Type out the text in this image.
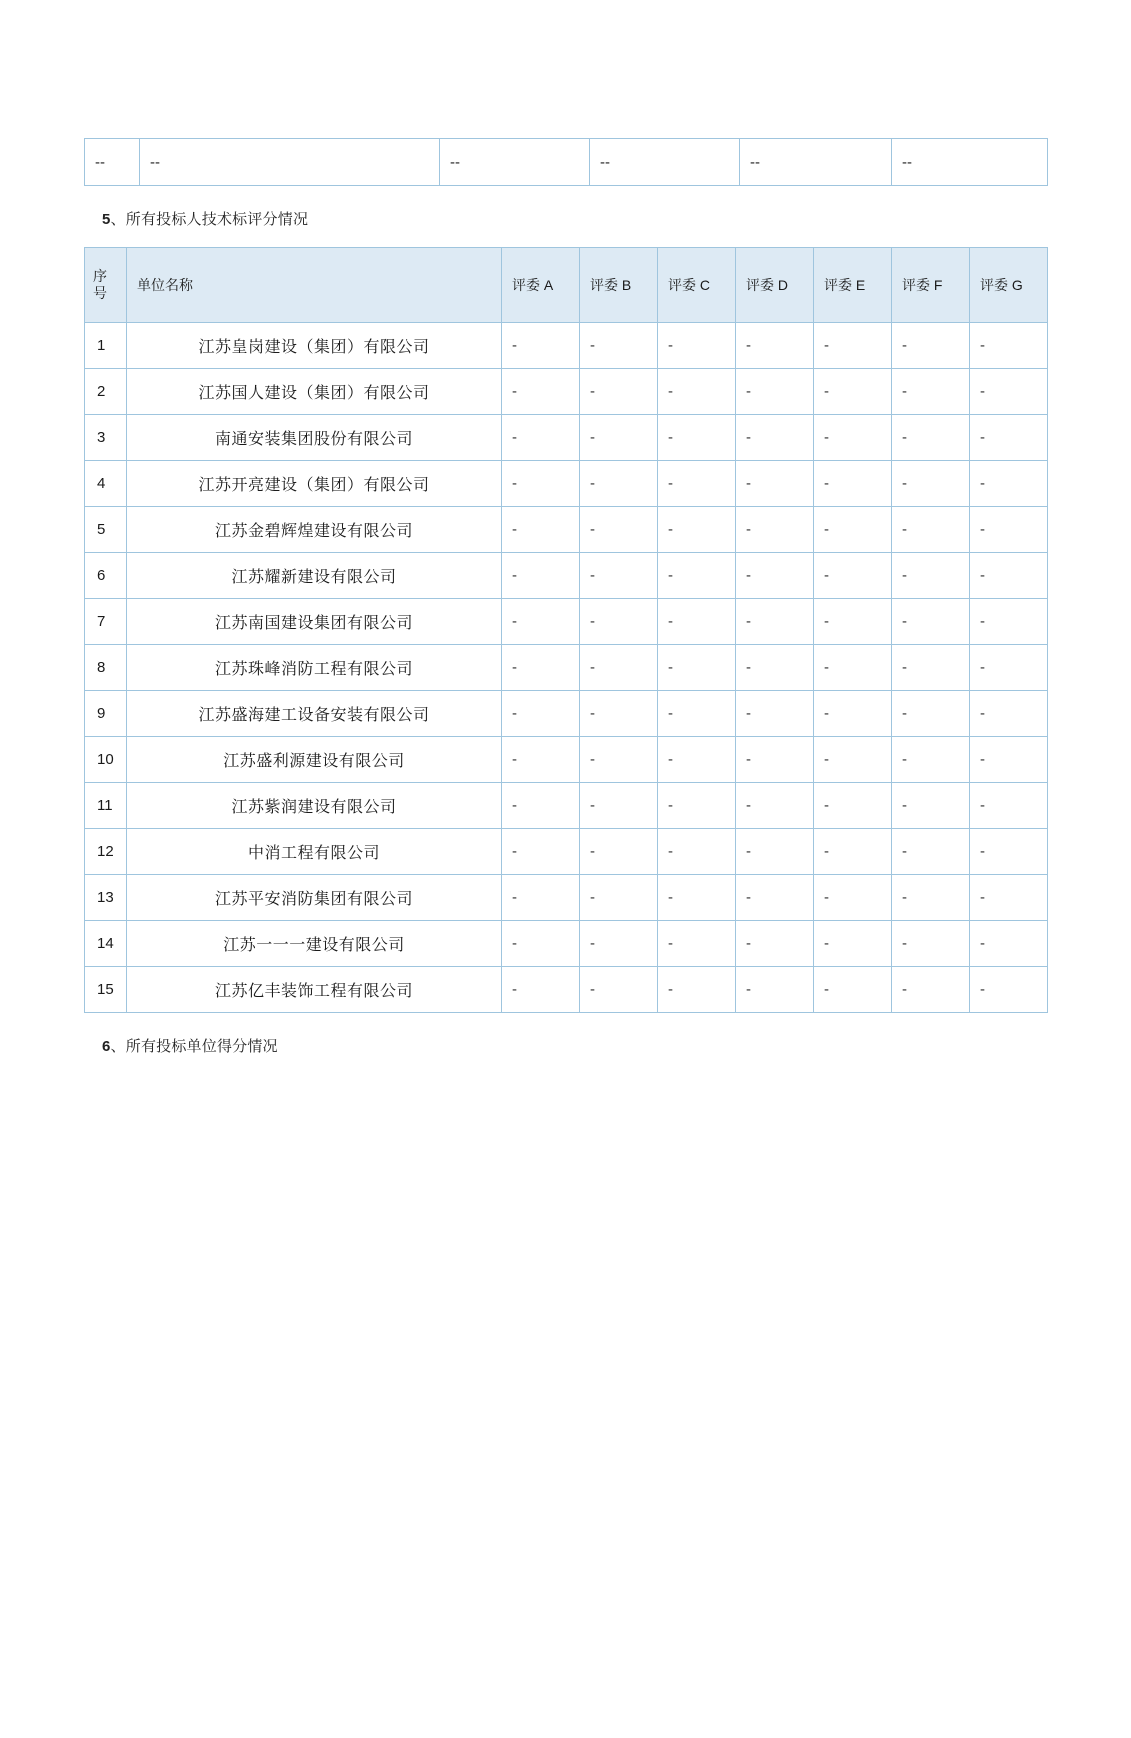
--	--	--	--	--	--
5、所有投标人技术标评分情况
序
号	单位名称	评委 A	评委 B	评委 C	评委 D	评委 E	评委 F	评委 G
1	江苏皇岗建设（集团）有限公司	-	-	-	-	-	-	-
2	江苏国人建设（集团）有限公司	-	-	-	-	-	-	-
3	南通安装集团股份有限公司	-	-	-	-	-	-	-
4	江苏开亮建设（集团）有限公司	-	-	-	-	-	-	-
5	江苏金碧辉煌建设有限公司	-	-	-	-	-	-	-
6	江苏耀新建设有限公司	-	-	-	-	-	-	-
7	江苏南国建设集团有限公司	-	-	-	-	-	-	-
8	江苏珠峰消防工程有限公司	-	-	-	-	-	-	-
9	江苏盛海建工设备安装有限公司	-	-	-	-	-	-	-
10	江苏盛利源建设有限公司	-	-	-	-	-	-	-
11	江苏紫润建设有限公司	-	-	-	-	-	-	-
12	中消工程有限公司	-	-	-	-	-	-	-
13	江苏平安消防集团有限公司	-	-	-	-	-	-	-
14	江苏一一一建设有限公司	-	-	-	-	-	-	-
15	江苏亿丰装饰工程有限公司	-	-	-	-	-	-	-
6、所有投标单位得分情况
